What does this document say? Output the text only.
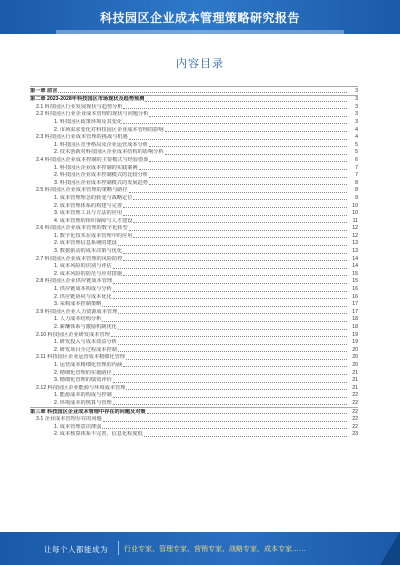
科技园区企业成本管理策略研究报告
内容目录
第一章 前言	3
第二章 2023-2028年科技园区市场现状及趋势预测	3
2.1 科技园区行业发展现状与趋势分析	3
2.2 科技园区行业企业成本管理的现状与问题分析	3
1. 科技园区政策环境及其变化	3
2. 市场需求变化对科技园区企业成本管理的影响	4
2.3 科技园区行业成本管理的挑战与机遇	4
1. 科技园区竞争格局及企业运营成本分析	5
2. 技术创新对科技园区企业成本结构的影响分析	5
2.4 科技园区企业成本控制的主要模式与经验借鉴	6
1. 科技园区企业成本控制的实践案例	7
2. 科技园区企业成本控制模式的比较分析	7
3. 科技园区企业成本控制模式的发展趋势	8
2.5 科技园区企业成本管理的策略与路径	8
1. 成本管理理念的转变与战略定位	9
2. 成本管理体系的构建与完善	10
3. 成本管理工具与方法的应用	10
4. 成本管理的组织保障与人才建设	11
2.6 科技园区企业成本管理的数字化转型	12
1. 数字化技术在成本管理中的应用	12
2. 成本管理信息系统的建设	13
3. 数据驱动的成本决策与优化	13
2.7 科技园区企业成本管理的风险防控	14
1. 成本风险的识别与评估	14
2. 成本风险的防范与应对措施	15
2.8 科技园区企业供应链成本管理	15
1. 供应链成本构成与分析	16
2. 供应链协同与成本优化	16
3. 采购成本控制策略	17
2.9 科技园区企业人力资源成本管理	17
1. 人力成本结构分析	18
2. 薪酬体系与激励机制优化	18
2.10 科技园区企业研发成本管理	19
1. 研发投入与成本效益分析	19
2. 研发项目全过程成本控制	20
2.11 科技园区企业运营成本精细化管理	20
1. 运营成本精细化管理的内涵	20
2. 精细化管理的实施路径	21
3. 精细化管理的绩效评价	21
2.12 科技园区企业能源与环境成本管理	21
1. 能源成本的构成与控制	22
2. 环境成本的核算与管理	22
第三章 科技园区企业成本管理中存在的问题及对策	22
3.1 企业成本管理存在的问题	22
1. 成本管理意识薄弱	22
2. 成本核算体系不完善，信息化程度低	23
让每个人都能成为 行业专家、管理专家、营销专家、战略专家、成本专家……
